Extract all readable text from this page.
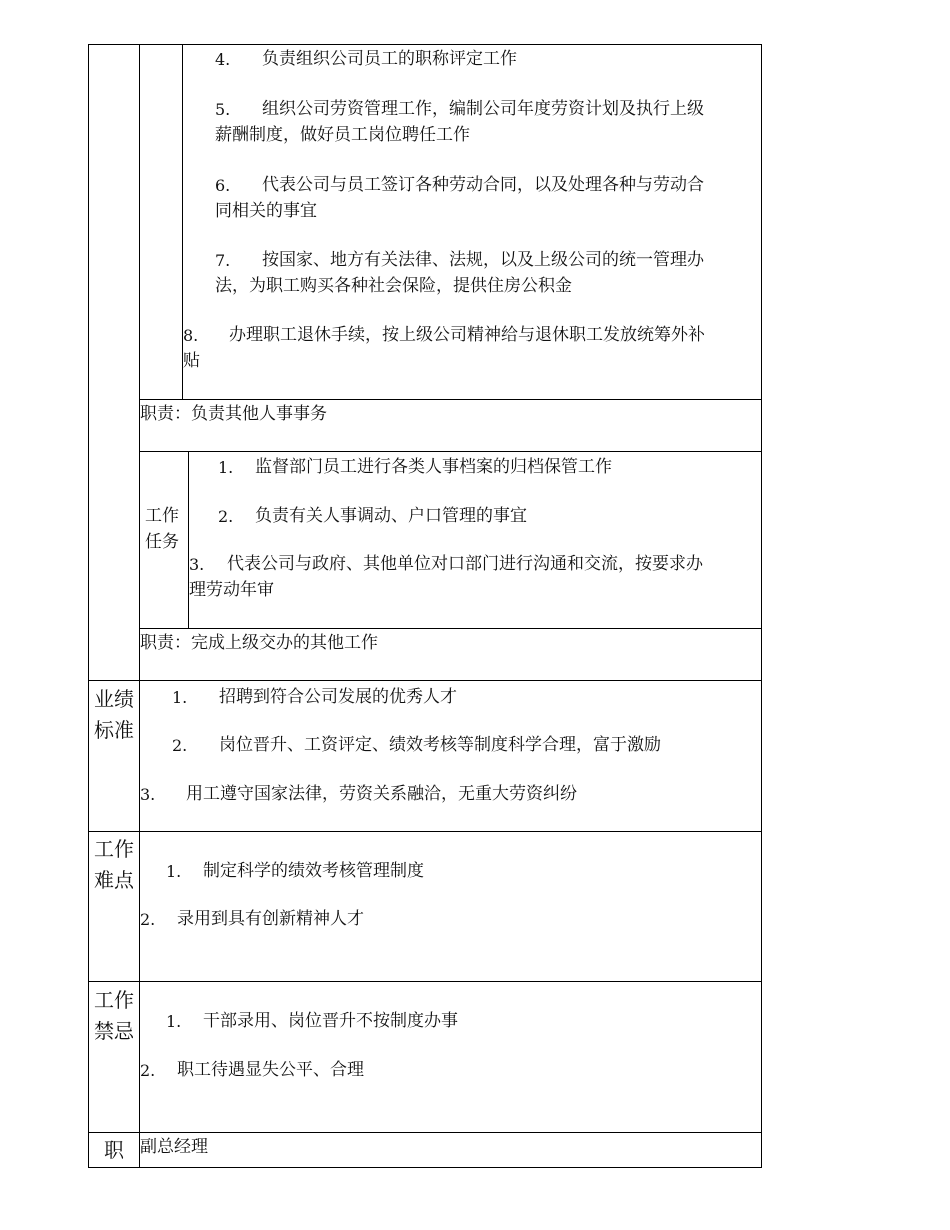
4. 负责组织公司员工的职称评定工作
5. 组织公司劳资管理工作，编制公司年度劳资计划及执行上级
薪酬制度，做好员工岗位聘任工作
6. 代表公司与员工签订各种劳动合同，以及处理各种与劳动合
同相关的事宜
7. 按国家、地方有关法律、法规，以及上级公司的统一管理办
法，为职工购买各种社会保险，提供住房公积金
8. 办理职工退休手续，按上级公司精神给与退休职工发放统筹外补
贴
职责：负责其他人事事务
工作任务
1. 监督部门员工进行各类人事档案的归档保管工作
2. 负责有关人事调动、户口管理的事宜
3. 代表公司与政府、其他单位对口部门进行沟通和交流，按要求办
理劳动年审
职责：完成上级交办的其他工作
业绩标准
1. 招聘到符合公司发展的优秀人才
2. 岗位晋升、工资评定、绩效考核等制度科学合理，富于激励
3. 用工遵守国家法律，劳资关系融洽，无重大劳资纠纷
工作难点	1. 制定科学的绩效考核管理制度
2. 录用到具有创新精神人才
工作禁忌	1. 干部录用、岗位晋升不按制度办事
2. 职工待遇显失公平、合理
职 副总经理
